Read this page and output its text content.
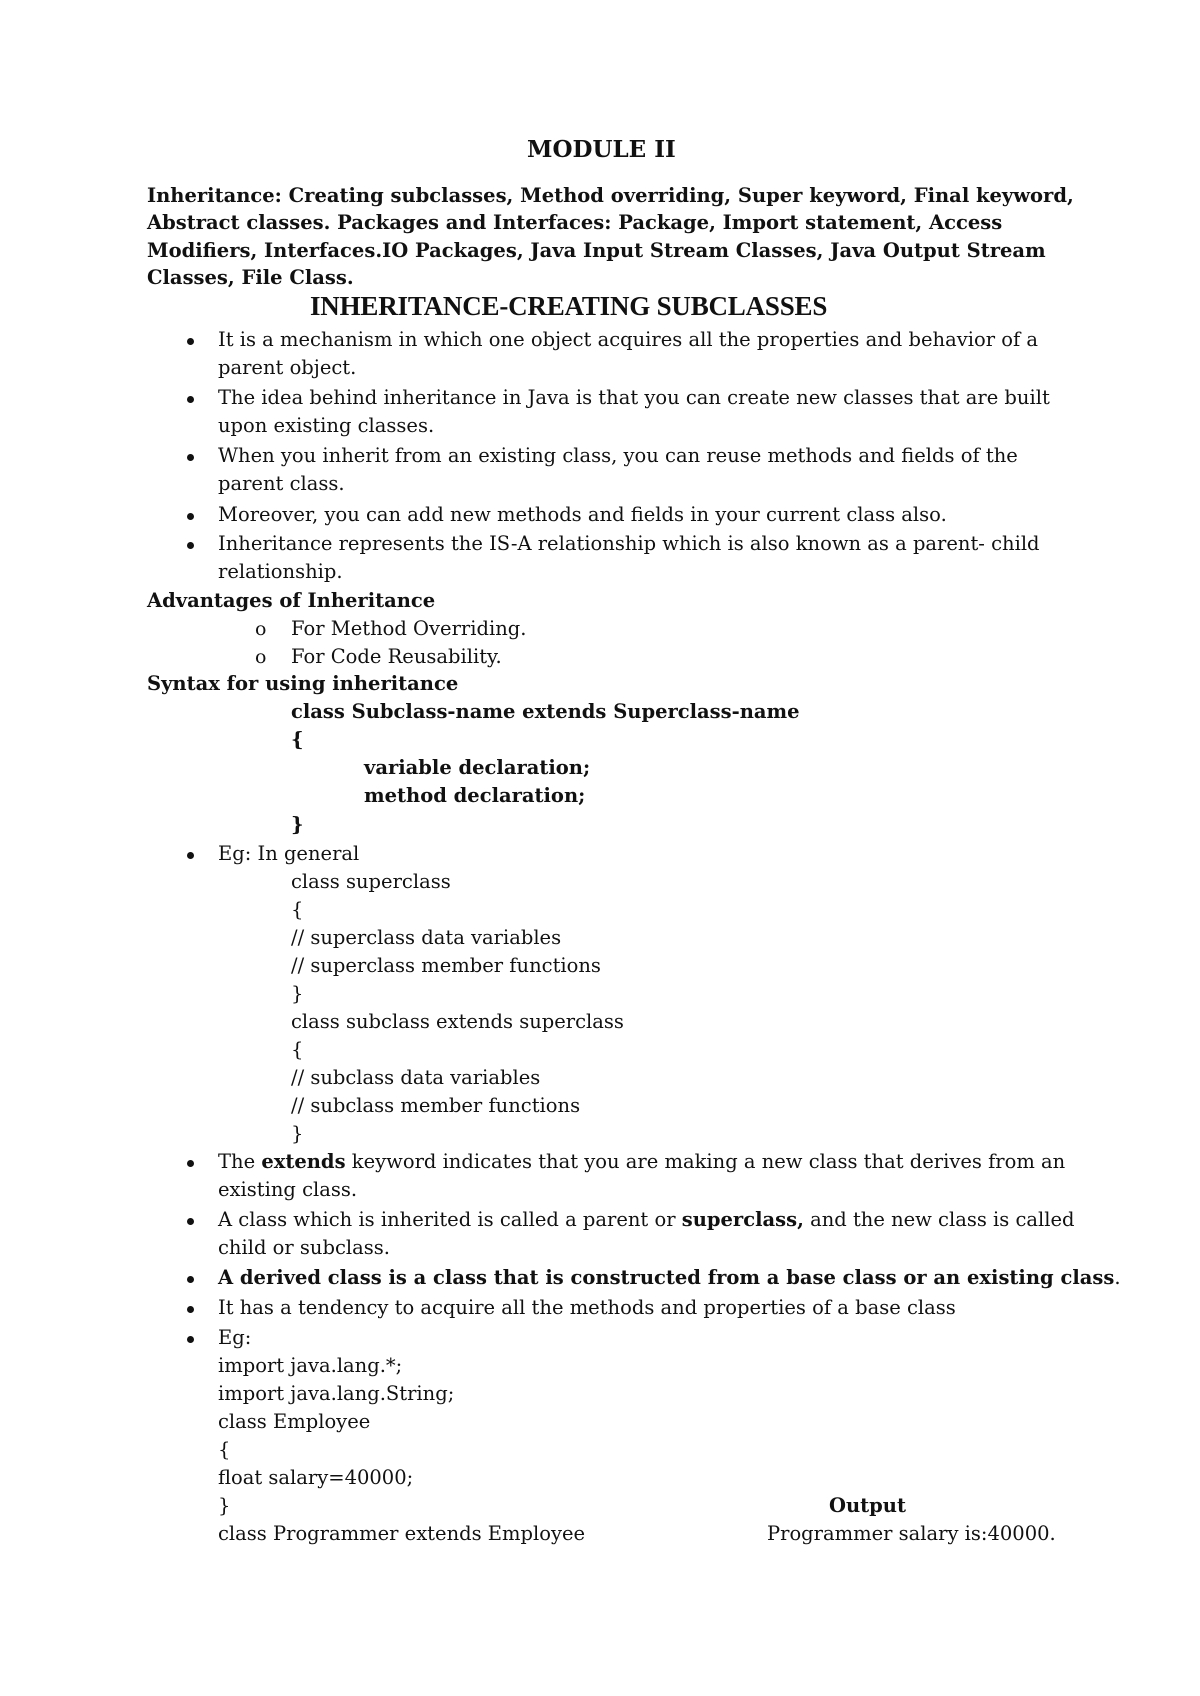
MODULE II
Inheritance: Creating subclasses, Method overriding, Super keyword, Final keyword,
Abstract classes. Packages and Interfaces: Package, Import statement, Access
Modifiers, Interfaces.IO Packages, Java Input Stream Classes, Java Output Stream
Classes, File Class.
INHERITANCE-CREATING SUBCLASSES
It is a mechanism in which one object acquires all the properties and behavior of a
parent object.
The idea behind inheritance in Java is that you can create new classes that are built
upon existing classes.
When you inherit from an existing class, you can reuse methods and fields of the
parent class.
Moreover, you can add new methods and fields in your current class also.
Inheritance represents the IS-A relationship which is also known as a parent- child
relationship.
Advantages of Inheritance
o For Method Overriding.
o For Code Reusability.
Syntax for using inheritance
class Subclass-name extends Superclass-name
{
variable declaration;
method declaration;
}
Eg: In general
class superclass
{
// superclass data variables
// superclass member functions
}
class subclass extends superclass
{
// subclass data variables
// subclass member functions
}
The extends keyword indicates that you are making a new class that derives from an
existing class.
A class which is inherited is called a parent or superclass, and the new class is called
child or subclass.
A derived class is a class that is constructed from a base class or an existing class.
It has a tendency to acquire all the methods and properties of a base class
Eg:
import java.lang.*;
import java.lang.String;
class Employee
{
float salary=40000;
}
class Programmer extends Employee
Output
Programmer salary is:40000.
